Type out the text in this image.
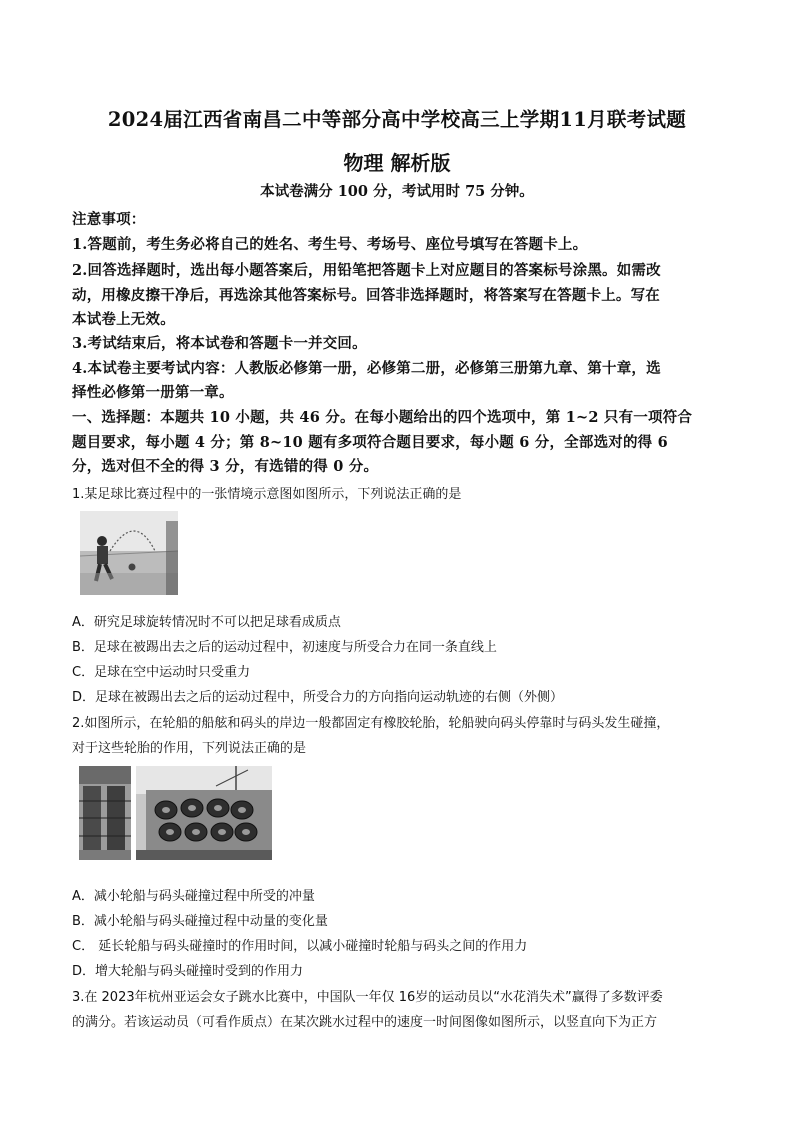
2024届江西省南昌二中等部分高中学校高三上学期11月联考试题
物理 解析版
本试卷满分 100 分，考试用时 75 分钟。
注意事项：
1.答题前，考生务必将自己的姓名、考生号、考场号、座位号填写在答题卡上。
2.回答选择题时，选出每小题答案后，用铅笔把答题卡上对应题目的答案标号涂黑。如需改
动，用橡皮擦干净后，再选涂其他答案标号。回答非选择题时，将答案写在答题卡上。写在
本试卷上无效。
3.考试结束后，将本试卷和答题卡一并交回。
4.本试卷主要考试内容：人教版必修第一册，必修第二册，必修第三册第九章、第十章，选
择性必修第一册第一章。
一、选择题：本题共 10 小题，共 46 分。在每小题给出的四个选项中，第 1~2 只有一项符合
题目要求，每小题 4 分；第 8~10 题有多项符合题目要求，每小题 6 分，全部选对的得 6
分，选对但不全的得 3 分，有选错的得 0 分。
1.某足球比赛过程中的一张情境示意图如图所示，下列说法正确的是
A．研究足球旋转情况时不可以把足球看成质点
B．足球在被踢出去之后的运动过程中，初速度与所受合力在同一条直线上
C．足球在空中运动时只受重力
D．足球在被踢出去之后的运动过程中，所受合力的方向指向运动轨迹的右侧（外侧）
2.如图所示，在轮船的船舷和码头的岸边一般都固定有橡胶轮胎，轮船驶向码头停靠时与码头发生碰撞，
对于这些轮胎的作用，下列说法正确的是
A．减小轮船与码头碰撞过程中所受的冲量
B．减小轮船与码头碰撞过程中动量的变化量
C． 延长轮船与码头碰撞时的作用时间，以减小碰撞时轮船与码头之间的作用力
D．增大轮船与码头碰撞时受到的作用力
3.在 2023年杭州亚运会女子跳水比赛中，中国队一年仅 16岁的运动员以“水花消失术”赢得了多数评委
的满分。若该运动员（可看作质点）在某次跳水过程中的速度一时间图像如图所示，以竖直向下为正方
